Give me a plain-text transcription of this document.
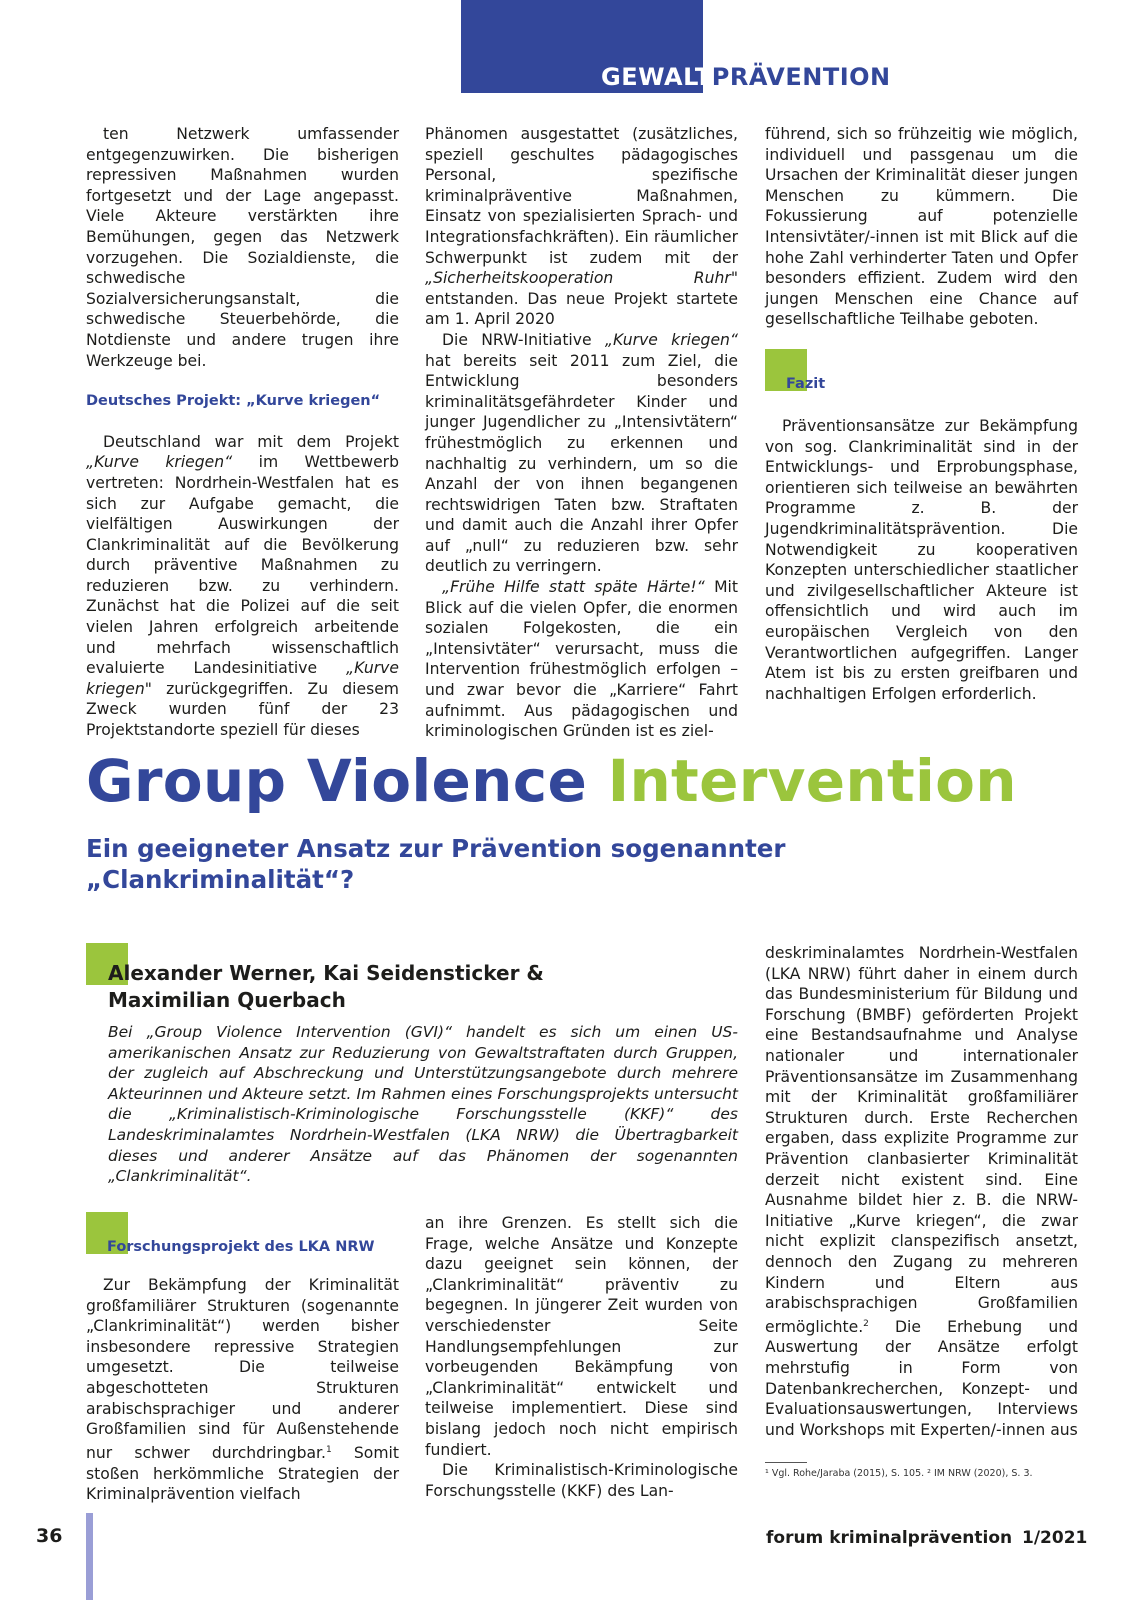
GEWALTPRÄVENTION

ten Netzwerk umfassender entgegenzuwirken. Die bisherigen repressiven Maßnahmen wurden fortgesetzt und der Lage angepasst. Viele Akteure verstärkten ihre Bemühungen, gegen das Netzwerk vorzugehen. Die Sozialdienste, die schwedische Sozialversicherungsanstalt, die schwedische Steuerbehörde, die Notdienste und andere trugen ihre Werkzeuge bei.

Deutsches Projekt: „Kurve kriegen“

Deutschland war mit dem Projekt „Kurve kriegen“ im Wettbewerb vertreten: Nordrhein-Westfalen hat es sich zur Aufgabe gemacht, die vielfältigen Auswirkungen der Clankriminalität auf die Bevölkerung durch präventive Maßnahmen zu reduzieren bzw. zu verhindern. Zunächst hat die Polizei auf die seit vielen Jahren erfolgreich arbeitende und mehrfach wissenschaftlich evaluierte Landesinitiative „Kurve kriegen" zurückgegriffen. Zu diesem Zweck wurden fünf der 23 Projektstandorte speziell für dieses

Phänomen ausgestattet (zusätzliches, speziell geschultes pädagogisches Personal, spezifische kriminalpräventive Maßnahmen, Einsatz von spezialisierten Sprach- und Integrationsfachkräften). Ein räumlicher Schwerpunkt ist zudem mit der „Sicherheitskooperation Ruhr" entstanden. Das neue Projekt startete am 1. April 2020

Die NRW-Initiative „Kurve kriegen“ hat bereits seit 2011 zum Ziel, die Entwicklung besonders kriminalitätsgefährdeter Kinder und junger Jugendlicher zu „Intensivtätern“ frühestmöglich zu erkennen und nachhaltig zu verhindern, um so die Anzahl der von ihnen begangenen rechtswidrigen Taten bzw. Straftaten und damit auch die Anzahl ihrer Opfer auf „null“ zu reduzieren bzw. sehr deutlich zu verringern.

„Frühe Hilfe statt späte Härte!“ Mit Blick auf die vielen Opfer, die enormen sozialen Folgekosten, die ein „Intensivtäter“ verursacht, muss die Intervention frühestmöglich erfolgen – und zwar bevor die „Karriere“ Fahrt aufnimmt. Aus pädagogischen und kriminologischen Gründen ist es ziel-

führend, sich so frühzeitig wie möglich, individuell und passgenau um die Ursachen der Kriminalität dieser jungen Menschen zu kümmern. Die Fokussierung auf potenzielle Intensivtäter/-innen ist mit Blick auf die hohe Zahl verhinderter Taten und Opfer besonders effizient. Zudem wird den jungen Menschen eine Chance auf gesellschaftliche Teilhabe geboten.

Fazit

Präventionsansätze zur Bekämpfung von sog. Clankriminalität sind in der Entwicklungs- und Erprobungsphase, orientieren sich teilweise an bewährten Programme z. B. der Jugendkriminalitätsprävention. Die Notwendigkeit zu kooperativen Konzepten unterschiedlicher staatlicher und zivilgesellschaftlicher Akteure ist offensichtlich und wird auch im europäischen Vergleich von den Verantwortlichen aufgegriffen. Langer Atem ist bis zu ersten greifbaren und nachhaltigen Erfolgen erforderlich.

Group Violence Intervention
Ein geeigneter Ansatz zur Prävention sogenannter
„Clankriminalität“?
Alexander Werner, Kai Seidensticker &
Maximilian Querbach
Bei „Group Violence Intervention (GVI)“ handelt es sich um einen US-amerikanischen Ansatz zur Reduzierung von Gewaltstraftaten durch Gruppen, der zugleich auf Abschreckung und Unterstützungsangebote durch mehrere Akteurinnen und Akteure setzt. Im Rahmen eines Forschungsprojekts untersucht die „Kriminalistisch-Kriminologische Forschungsstelle (KKF)“ des Landeskriminalamtes Nordrhein-Westfalen (LKA NRW) die Übertragbarkeit dieses und anderer Ansätze auf das Phänomen der sogenannten „Clankriminalität“.
Forschungsprojekt des LKA NRW

Zur Bekämpfung der Kriminalität großfamiliärer Strukturen (sogenannte „Clankriminalität“) werden bisher insbesondere repressive Strategien umgesetzt. Die teilweise abgeschotteten Strukturen arabischsprachiger und anderer Großfamilien sind für Außenstehende nur schwer durchdringbar.$^1$ Somit stoßen herkömmliche Strategien der Kriminalprävention vielfach

an ihre Grenzen. Es stellt sich die Frage, welche Ansätze und Konzepte dazu geeignet sein können, der „Clankriminalität“ präventiv zu begegnen. In jüngerer Zeit wurden von verschiedenster Seite Handlungsempfehlungen zur vorbeugenden Bekämpfung von „Clankriminalität“ entwickelt und teilweise implementiert. Diese sind bislang jedoch noch nicht empirisch fundiert.

Die Kriminalistisch-Kriminologische Forschungsstelle (KKF) des Lan-

deskriminalamtes Nordrhein-Westfalen (LKA NRW) führt daher in einem durch das Bundesministerium für Bildung und Forschung (BMBF) geförderten Projekt eine Bestandsaufnahme und Analyse nationaler und internationaler Präventionsansätze im Zusammenhang mit der Kriminalität großfamiliärer Strukturen durch. Erste Recherchen ergaben, dass explizite Programme zur Prävention clanbasierter Kriminalität derzeit nicht existent sind. Eine Ausnahme bildet hier z. B. die NRW-Initiative „Kurve kriegen“, die zwar nicht explizit clanspezifisch ansetzt, dennoch den Zugang zu mehreren Kindern und Eltern aus arabischsprachigen Großfamilien ermöglichte.$^2$ Die Erhebung und Auswertung der Ansätze erfolgt mehrstufig in Form von Datenbankrecherchen, Konzept- und Evaluationsauswertungen, Interviews und Workshops mit Experten/-innen aus

¹ Vgl. Rohe/Jaraba (2015), S. 105. ² IM NRW (2020), S. 3.
36	forum kriminalprävention 1/2021
